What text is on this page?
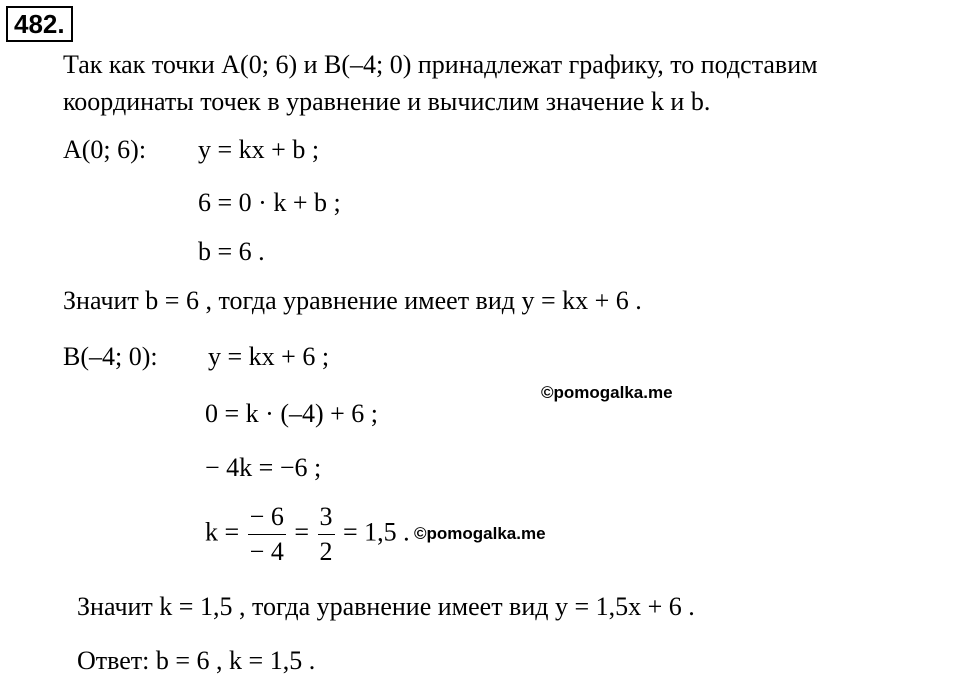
482.
Так как точки A(0; 6) и B(–4; 0) принадлежат графику, то подставим
координаты точек в уравнение и вычислим значение k и b.
A(0; 6): y = kx + b ;
6 = 0 · k + b ;
b = 6 .
Значит b = 6 , тогда уравнение имеет вид y = kx + 6 .
B(–4; 0): y = kx + 6 ;
©pomogalka.me
0 = k · (–4) + 6 ;
− 4k = −6 ;
$k = \frac{- 6}{- 4} = \frac{3}{2} = 1,5$ . ©pomogalka.me
Значит k = 1,5 , тогда уравнение имеет вид y = 1,5x + 6 .
Ответ: b = 6 , k = 1,5 .
